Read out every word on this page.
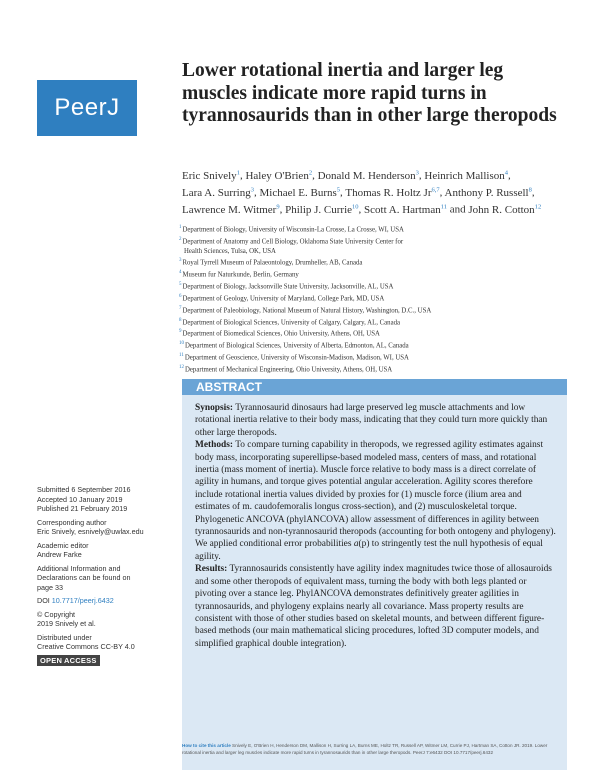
PeerJ
Lower rotational inertia and larger leg muscles indicate more rapid turns in tyrannosaurids than in other large theropods
Eric Snively$^1$, Haley O'Brien$^2$, Donald M. Henderson$^3$, Heinrich Mallison$^4$, Lara A. Surring$^3$, Michael E. Burns$^5$, Thomas R. Holtz Jr$^{6,7}$, Anthony P. Russell$^8$, Lawrence M. Witmer$^9$, Philip J. Currie$^{10}$, Scott A. Hartman$^{11}$ and John R. Cotton$^{12}$
$^1$Department of Biology, University of Wisconsin-La Crosse, La Crosse, WI, USA
$^2$Department of Anatomy and Cell Biology, Oklahoma State University Center for
Health Sciences, Tulsa, OK, USA
$^3$Royal Tyrrell Museum of Palaeontology, Drumheller, AB, Canada
$^4$Museum fur Naturkunde, Berlin, Germany
$^5$Department of Biology, Jacksonville State University, Jacksonville, AL, USA
$^6$Department of Geology, University of Maryland, College Park, MD, USA
$^7$Department of Paleobiology, National Museum of Natural History, Washington, D.C., USA
$^8$Department of Biological Sciences, University of Calgary, Calgary, AL, Canada
$^9$Department of Biomedical Sciences, Ohio University, Athens, OH, USA
$^{10}$Department of Biological Sciences, University of Alberta, Edmonton, AL, Canada
$^{11}$Department of Geoscience, University of Wisconsin-Madison, Madison, WI, USA
$^{12}$Department of Mechanical Engineering, Ohio University, Athens, OH, USA
ABSTRACT

Synopsis: Tyrannosaurid dinosaurs had large preserved leg muscle attachments and low rotational inertia relative to their body mass, indicating that they could turn more quickly than other large theropods.

Methods: To compare turning capability in theropods, we regressed agility estimates against body mass, incorporating superellipse-based modeled mass, centers of mass, and rotational inertia (mass moment of inertia). Muscle force relative to body mass is a direct correlate of agility in humans, and torque gives potential angular acceleration. Agility scores therefore include rotational inertia values divided by proxies for (1) muscle force (ilium area and estimates of m. caudofemoralis longus cross-section), and (2) musculoskeletal torque. Phylogenetic ANCOVA (phylANCOVA) allow assessment of differences in agility between tyrannosaurids and non-tyrannosaurid theropods (accounting for both ontogeny and phylogeny). We applied conditional error probabilities a(p) to stringently test the null hypothesis of equal agility.

Results: Tyrannosaurids consistently have agility index magnitudes twice those of allosauroids and some other theropods of equivalent mass, turning the body with both legs planted or pivoting over a stance leg. PhylANCOVA demonstrates definitively greater agilities in tyrannosaurids, and phylogeny explains nearly all covariance. Mass property results are consistent with those of other studies based on skeletal mounts, and between different figure-based methods (our main mathematical slicing procedures, lofted 3D computer models, and simplified graphical double integration).

Submitted 6 September 2016
Accepted 10 January 2019
Published 21 February 2019
Corresponding author
Eric Snively, esnively@uwlax.edu
Academic editor
Andrew Farke
Additional Information and
Declarations can be found on
page 33
DOI 10.7717/peerj.6432
© Copyright
2019 Snively et al.
Distributed under
Creative Commons CC-BY 4.0
OPEN ACCESS
How to cite this article Snively E, O'Brien H, Henderson DM, Mallison H, Surring LA, Burns ME, Holtz TR, Russell AP, Witmer LM, Currie PJ, Hartman SA, Cotton JR. 2019. Lower rotational inertia and larger leg muscles indicate more rapid turns in tyrannosaurids than in other large theropods. PeerJ 7:e6432 DOI 10.7717/peerj.6432
